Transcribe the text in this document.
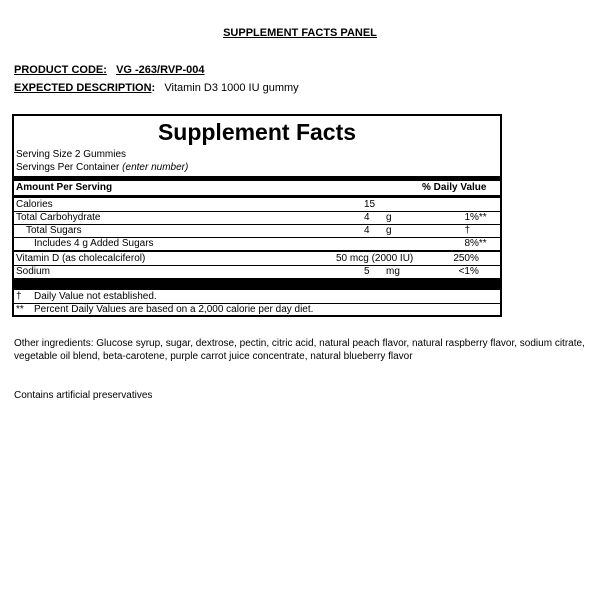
SUPPLEMENT FACTS PANEL
PRODUCT CODE: VG -263/RVP-004
EXPECTED DESCRIPTION: Vitamin D3 1000 IU gummy
Supplement Facts
Serving Size 2 Gummies
Servings Per Container (enter number)
Amount Per Serving	% Daily Value
Calories	15
Total Carbohydrate	4 g	1 %**
Total Sugars	4 g	†
Includes 4 g Added Sugars	8 %**
Vitamin D (as cholecalciferol)	50 mcg (2000 IU)	250 %
Sodium	5 mg	<1 %
† Daily Value not established.
** Percent Daily Values are based on a 2,000 calorie per day diet.
Other ingredients: Glucose syrup, sugar, dextrose, pectin, citric acid, natural peach flavor, natural raspberry flavor, sodium citrate, vegetable oil blend, beta-carotene, purple carrot juice concentrate, natural blueberry flavor
Contains artificial preservatives
